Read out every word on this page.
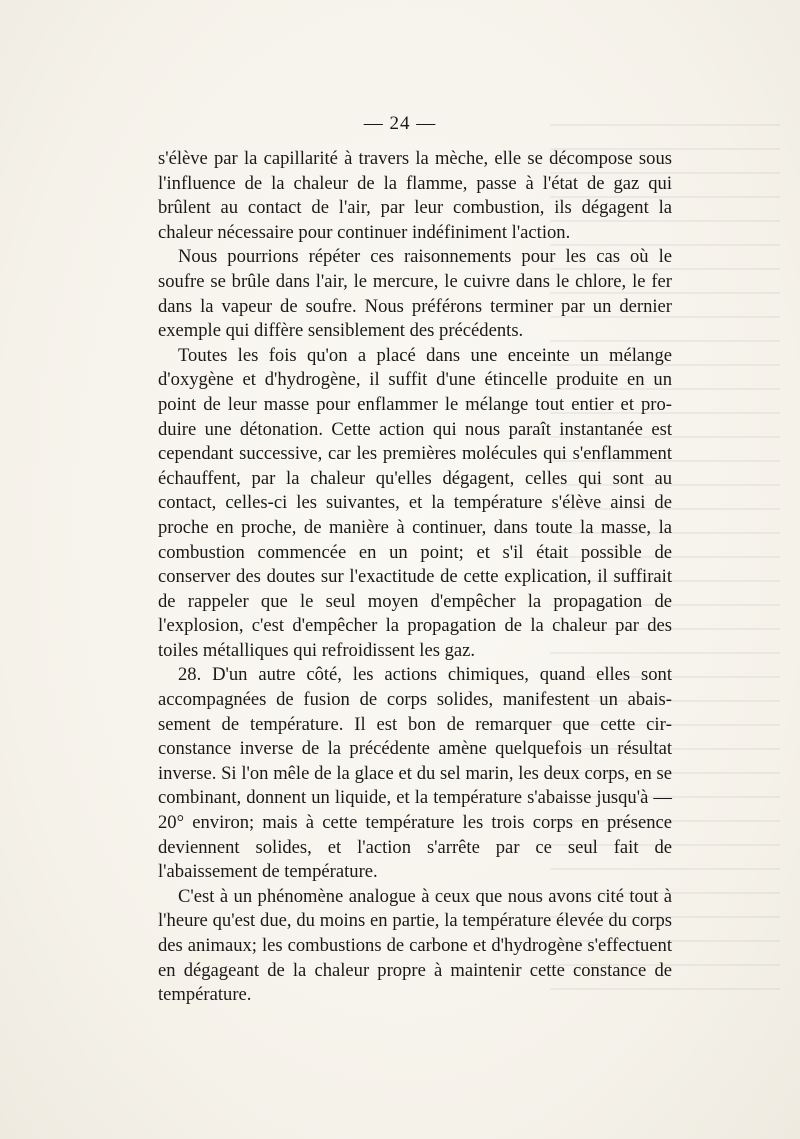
— 24 —

s'élève par la capillarité à travers la mèche, elle se décompose sous l'influence de la chaleur de la flamme, passe à l'état de gaz qui brûlent au contact de l'air, par leur combustion, ils dégagent la chaleur nécessaire pour continuer indéfiniment l'action.

Nous pourrions répéter ces raisonnements pour les cas où le soufre se brûle dans l'air, le mercure, le cuivre dans le chlore, le fer dans la vapeur de soufre. Nous préférons terminer par un dernier exemple qui diffère sensiblement des précédents.

Toutes les fois qu'on a placé dans une enceinte un mélange d'oxygène et d'hydrogène, il suffit d'une étincelle produite en un point de leur masse pour enflammer le mélange tout entier et produire une détonation. Cette action qui nous paraît instantanée est cependant successive, car les premières molécules qui s'enflamment échauffent, par la chaleur qu'elles dégagent, celles qui sont au contact, celles-ci les suivantes, et la température s'élève ainsi de proche en proche, de manière à continuer, dans toute la masse, la combustion commencée en un point; et s'il était possible de conserver des doutes sur l'exactitude de cette explication, il suffirait de rappeler que le seul moyen d'empêcher la propagation de l'explosion, c'est d'empêcher la propagation de la chaleur par des toiles métalliques qui refroidissent les gaz.

28. D'un autre côté, les actions chimiques, quand elles sont accompagnées de fusion de corps solides, manifestent un abaissement de température. Il est bon de remarquer que cette circonstance inverse de la précédente amène quelquefois un résultat inverse. Si l'on mêle de la glace et du sel marin, les deux corps, en se combinant, donnent un liquide, et la température s'abaisse jusqu'à — 20° environ; mais à cette température les trois corps en présence deviennent solides, et l'action s'arrête par ce seul fait de l'abaissement de température.

C'est à un phénomène analogue à ceux que nous avons cité tout à l'heure qu'est due, du moins en partie, la température élevée du corps des animaux; les combustions de carbone et d'hydrogène s'effectuent en dégageant de la chaleur propre à maintenir cette constance de température.
